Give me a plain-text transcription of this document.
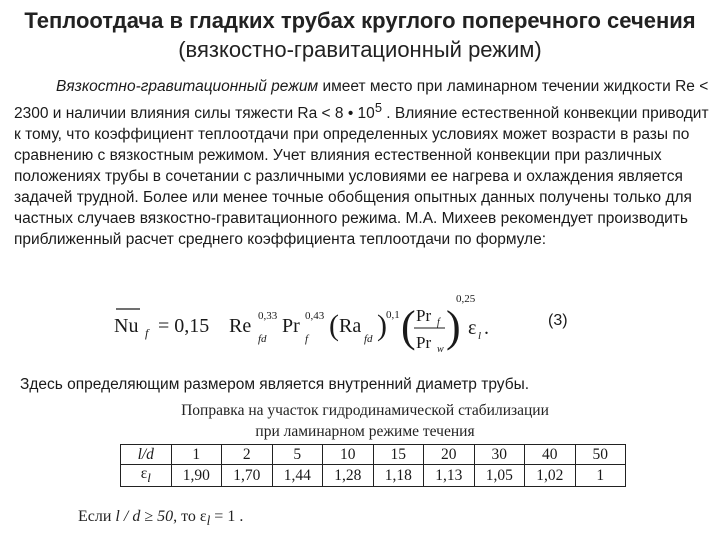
Теплоотдача в гладких трубах круглого поперечного сечения (вязкостно-гравитационный режим)

Вязкостно-гравитационный режим имеет место при ламинарном течении жидкости Re < 2300 и наличии влияния силы тяжести Ra < 8 • $10^5$ . Влияние естественной конвекции приводит к тому, что коэффициент теплоотдачи при определенных условиях может возрасти в разы по сравнению с вязкостным режимом. Учет влияния естественной конвекции при различных положениях трубы в сочетании с различными условиями ее нагрева и охлаждения является задачей трудной. Более или менее точные обобщения опытных данных получены только для частных случаев вязкостно-гравитационного режима. М.А. Михеев рекомендует производить приближенный расчет среднего коэффициента теплоотдачи по формуле:

Nu f = 0,15 Re 0,33
fd
Pr 0,43
f ( Ra
fd ) 0,1 ( Pr f
Pr w )
0,25
ε l .	(3)

Здесь определяющим размером является внутренний диаметр трубы.

Поправка на участок гидродинамической стабилизации

при ламинарном режиме течения

l/d	1	2	5	10	15	20	30	40	50
$\varepsilon_l$	1,90	1,70	1,44	1,28	1,18	1,13	1,05	1,02	1
Если l / d ≥ 50, то $\varepsilon_l = 1$ .
